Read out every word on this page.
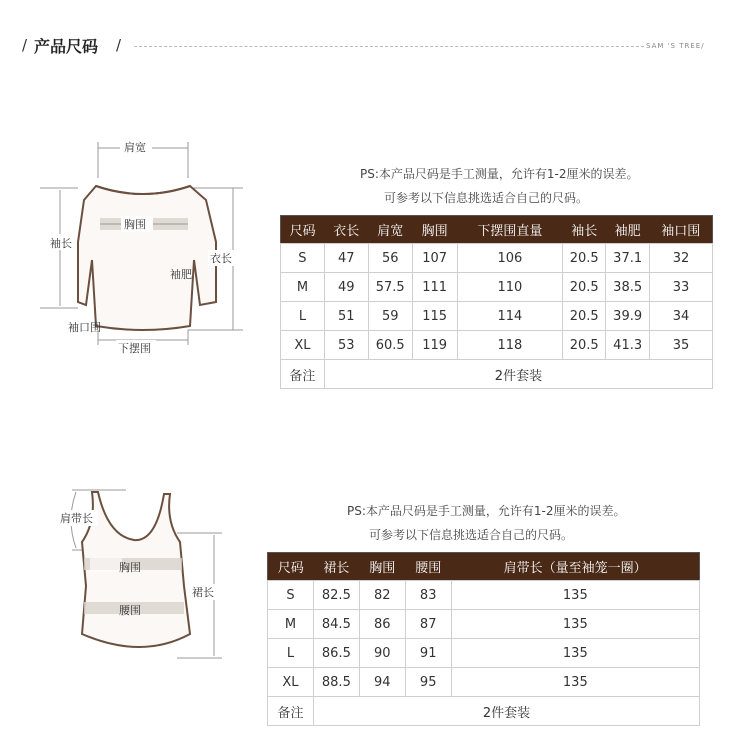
/ 产品尺码 /	SAM 'S TREE/
肩宽
袖长
胸围
袖肥
衣长
袖口围
下摆围
PS:本产品尺码是手工测量，允许有1-2厘米的误差。
可参考以下信息挑选适合自己的尺码。
尺码	衣长	肩宽	胸围	下摆围直量	袖长	袖肥	袖口围
S	47	56	107	106	20.5	37.1	32
M	49	57.5	111	110	20.5	38.5	33
L	51	59	115	114	20.5	39.9	34
XL	53	60.5	119	118	20.5	41.3	35
备注	2件套装						
胸围
腰围
肩带长
裙长
PS:本产品尺码是手工测量，允许有1-2厘米的误差。
可参考以下信息挑选适合自己的尺码。
尺码	裙长	胸围	腰围	肩带长（量至袖笼一圈）
S	82.5	82	83	135
M	84.5	86	87	135
L	86.5	90	91	135
XL	88.5	94	95	135
备注	2件套装			
